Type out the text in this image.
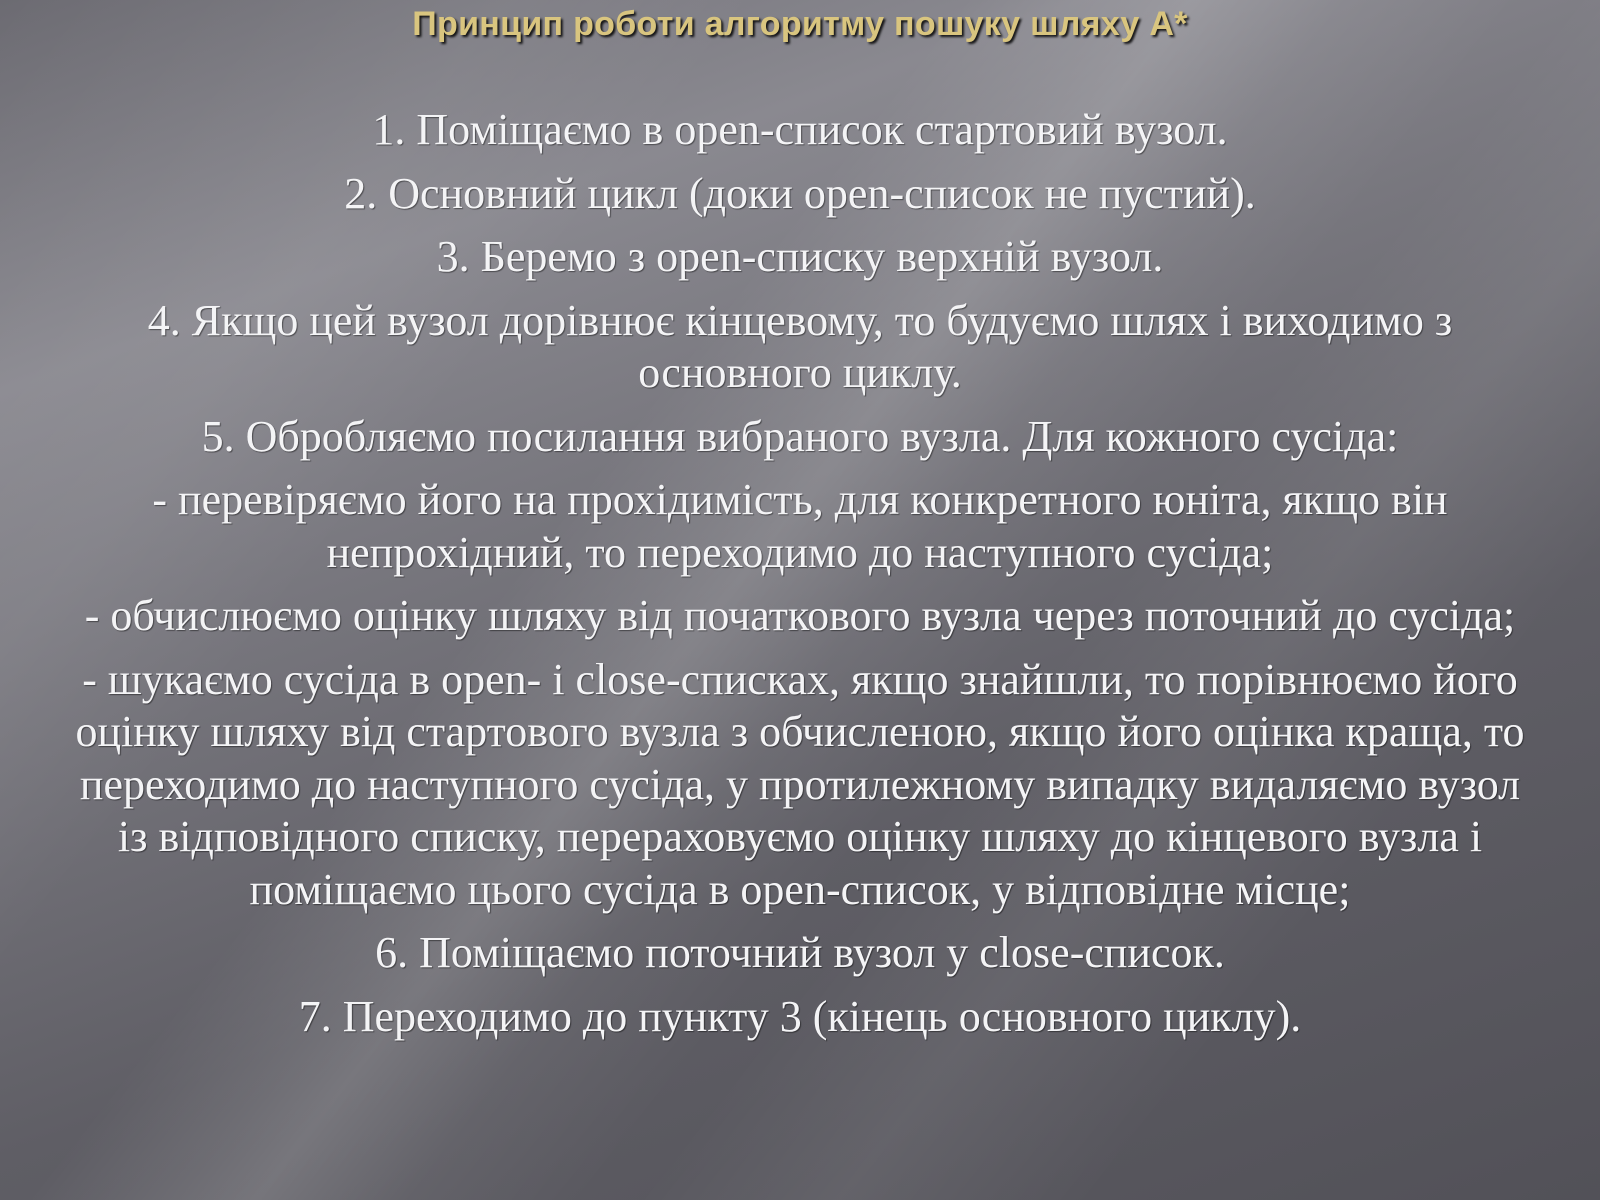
Принцип роботи алгоритму пошуку шляху А*

1. Поміщаємо в open-список стартовий вузол.

2. Основний цикл (доки open-список не пустий).

3. Беремо з open-списку верхній вузол.

4. Якщо цей вузол дорівнює кінцевому, то будуємо шлях і виходимо з основного циклу.

5. Обробляємо посилання вибраного вузла. Для кожного сусіда:

- перевіряємо його на прохідимість, для конкретного юніта, якщо він непрохідний, то переходимо до наступного сусіда;

- обчислюємо оцінку шляху від початкового вузла через поточний до сусіда;

- шукаємо сусіда в open- і close-списках, якщо знайшли, то порівнюємо його оцінку шляху від стартового вузла з обчисленою, якщо його оцінка краща, то переходимо до наступного сусіда, у протилежному випадку видаляємо вузол із відповідного списку, перераховуємо оцінку шляху до кінцевого вузла і поміщаємо цього сусіда в open-список, у відповідне місце;

6. Поміщаємо поточний вузол у close-список.

7. Переходимо до пункту 3 (кінець основного циклу).
